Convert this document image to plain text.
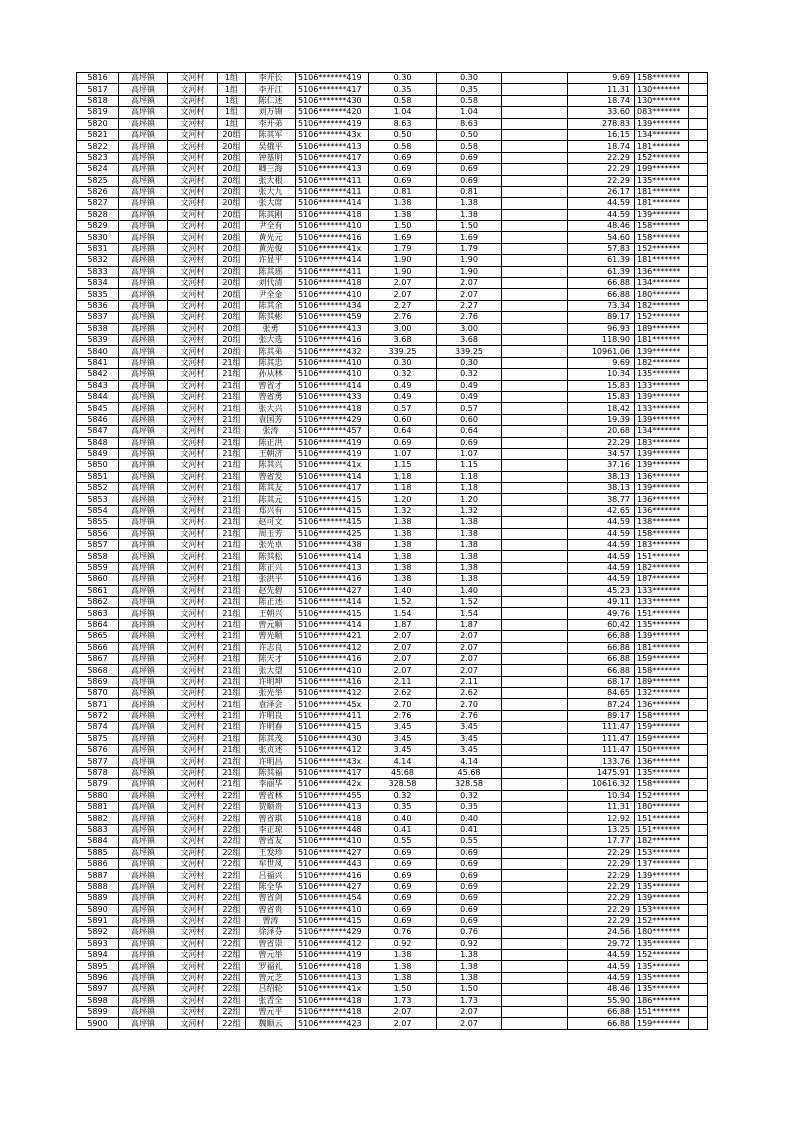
5816	高坪镇	文河村	1组	李开长	5106*******419	0.30	0.30		9.69	158*******	
5817	高坪镇	文河村	1组	李开江	5106*******417	0.35	0.35		11.31	130*******	
5818	高坪镇	文河村	1组	陈仁述	5106*******430	0.58	0.58		18.74	130*******	
5819	高坪镇	文河村	1组	刘万锦	5106*******420	1.04	1.04		33.60	083*******	
5820	高坪镇	文河村	1组	李开弟	5106*******419	8.63	8.63		278.83	139*******	
5821	高坪镇	文河村	20组	陈其军	5106*******43x	0.50	0.50		16.15	134*******	
5822	高坪镇	文河村	20组	吴俄平	5106*******413	0.58	0.58		18.74	181*******	
5823	高坪镇	文河村	20组	钟基明	5106*******417	0.69	0.69		22.29	152*******	
5824	高坪镇	文河村	20组	卿三海	5106*******413	0.69	0.69		22.29	199*******	
5825	高坪镇	文河村	20组	张大根	5106*******411	0.69	0.69		22.29	135*******	
5826	高坪镇	文河村	20组	张大九	5106*******411	0.81	0.81		26.17	181*******	
5827	高坪镇	文河村	20组	张大席	5106*******414	1.38	1.38		44.59	181*******	
5828	高坪镇	文河村	20组	陈其刚	5106*******418	1.38	1.38		44.59	139*******	
5829	高坪镇	文河村	20组	尹全有	5106*******410	1.50	1.50		48.46	158*******	
5830	高坪镇	文河村	20组	黄光元	5106*******416	1.69	1.69		54.60	158*******	
5831	高坪镇	文河村	20组	黄光俊	5106*******41x	1.79	1.79		57.83	152*******	
5832	高坪镇	文河村	20组	许显平	5106*******414	1.90	1.90		61.39	181*******	
5833	高坪镇	文河村	20组	陈其瑶	5106*******411	1.90	1.90		61.39	136*******	
5834	高坪镇	文河村	20组	刘代清	5106*******418	2.07	2.07		66.88	134*******	
5835	高坪镇	文河村	20组	尹全金	5106*******410	2.07	2.07		66.88	180*******	
5836	高坪镇	文河村	20组	陈其余	5106*******434	2.27	2.27		73.34	182*******	
5837	高坪镇	文河村	20组	陈其彬	5106*******459	2.76	2.76		89.17	152*******	
5838	高坪镇	文河村	20组	张勇	5106*******413	3.00	3.00		96.93	189*******	
5839	高坪镇	文河村	20组	张大选	5106*******416	3.68	3.68		118.90	181*******	
5840	高坪镇	文河村	20组	陈其弟	5106*******432	339.25	339.25		10961.06	139*******	
5841	高坪镇	文河村	21组	陈其忠	5106*******410	0.30	0.30		9.69	182*******	
5842	高坪镇	文河村	21组	孙从林	5106*******410	0.32	0.32		10.34	135*******	
5843	高坪镇	文河村	21组	曾省才	5106*******414	0.49	0.49		15.83	133*******	
5844	高坪镇	文河村	21组	曾省勇	5106*******433	0.49	0.49		15.83	139*******	
5845	高坪镇	文河村	21组	张大兴	5106*******418	0.57	0.57		18.42	133*******	
5846	高坪镇	文河村	21组	袁国芳	5106*******429	0.60	0.60		19.39	139*******	
5847	高坪镇	文河村	21组	张涛	5106*******457	0.64	0.64		20.68	134*******	
5848	高坪镇	文河村	21组	陈正洪	5106*******419	0.69	0.69		22.29	183*******	
5849	高坪镇	文河村	21组	王朝济	5106*******419	1.07	1.07		34.57	139*******	
5850	高坪镇	文河村	21组	陈其兴	5106*******41x	1.15	1.15		37.16	139*******	
5851	高坪镇	文河村	21组	曾省发	5106*******414	1.18	1.18		38.13	136*******	
5852	高坪镇	文河村	21组	陈其友	5106*******417	1.18	1.18		38.13	139*******	
5853	高坪镇	文河村	21组	陈其元	5106*******415	1.20	1.20		38.77	136*******	
5854	高坪镇	文河村	21组	郑兴有	5106*******415	1.32	1.32		42.65	136*******	
5855	高坪镇	文河村	21组	赵可文	5106*******415	1.38	1.38		44.59	138*******	
5856	高坪镇	文河村	21组	周玉芳	5106*******425	1.38	1.38		44.59	158*******	
5857	高坪镇	文河村	21组	张光卓	5106*******438	1.38	1.38		44.59	183*******	
5858	高坪镇	文河村	21组	陈其松	5106*******414	1.38	1.38		44.59	151*******	
5859	高坪镇	文河村	21组	陈正兴	5106*******413	1.38	1.38		44.59	182*******	
5860	高坪镇	文河村	21组	张洪平	5106*******416	1.38	1.38		44.59	187*******	
5861	高坪镇	文河村	21组	赵先碧	5106*******427	1.40	1.40		45.23	133*******	
5862	高坪镇	文河村	21组	陈正述	5106*******414	1.52	1.52		49.11	133*******	
5863	高坪镇	文河村	21组	王朝兴	5106*******415	1.54	1.54		49.76	151*******	
5864	高坪镇	文河村	21组	曾元顺	5106*******414	1.87	1.87		60.42	135*******	
5865	高坪镇	文河村	21组	曾光顺	5106*******421	2.07	2.07		66.88	139*******	
5866	高坪镇	文河村	21组	许志良	5106*******412	2.07	2.07		66.88	181*******	
5867	高坪镇	文河村	21组	陈天才	5106*******416	2.07	2.07		66.88	159*******	
5868	高坪镇	文河村	21组	张大望	5106*******410	2.07	2.07		66.88	158*******	
5869	高坪镇	文河村	21组	许明坤	5106*******416	2.11	2.11		68.17	189*******	
5870	高坪镇	文河村	21组	张光举	5106*******412	2.62	2.62		84.65	132*******	
5871	高坪镇	文河村	21组	袁泽会	5106*******45x	2.70	2.70		87.24	136*******	
5872	高坪镇	文河村	21组	许明良	5106*******411	2.76	2.76		89.17	158*******	
5874	高坪镇	文河村	21组	许明春	5106*******415	3.45	3.45		111.47	159*******	
5875	高坪镇	文河村	21组	陈其茂	5106*******430	3.45	3.45		111.47	159*******	
5876	高坪镇	文河村	21组	张贞述	5106*******412	3.45	3.45		111.47	150*******	
5877	高坪镇	文河村	21组	许明昌	5106*******43x	4.14	4.14		133.76	136*******	
5878	高坪镇	文河村	21组	陈其福	5106*******417	45.68	45.68		1475.91	135*******	
5879	高坪镇	文河村	21组	李丽华	5106*******42x	328.58	328.58		10616.32	158*******	
5880	高坪镇	文河村	22组	曾省林	5106*******455	0.32	0.32		10.34	152*******	
5881	高坪镇	文河村	22组	贺顺贵	5106*******413	0.35	0.35		11.31	180*******	
5882	高坪镇	文河村	22组	曾省琪	5106*******418	0.40	0.40		12.92	151*******	
5883	高坪镇	文河村	22组	李正琼	5106*******448	0.41	0.41		13.25	151*******	
5884	高坪镇	文河村	22组	曾省友	5106*******410	0.55	0.55		17.77	182*******	
5885	高坪镇	文河村	22组	王发珍	5106*******427	0.69	0.69		22.29	153*******	
5886	高坪镇	文河村	22组	牟世凤	5106*******443	0.69	0.69		22.29	137*******	
5887	高坪镇	文河村	22组	吕福兴	5106*******416	0.69	0.69		22.29	139*******	
5888	高坪镇	文河村	22组	陈全华	5106*******427	0.69	0.69		22.29	135*******	
5889	高坪镇	文河村	22组	曾省剑	5106*******454	0.69	0.69		22.29	139*******	
5890	高坪镇	文河村	22组	曾省贵	5106*******410	0.69	0.69		22.29	153*******	
5891	高坪镇	文河村	22组	曾涛	5106*******415	0.69	0.69		22.29	152*******	
5892	高坪镇	文河村	22组	徐泽芬	5106*******429	0.76	0.76		24.56	180*******	
5893	高坪镇	文河村	22组	曾省崇	5106*******412	0.92	0.92		29.72	135*******	
5894	高坪镇	文河村	22组	曾元举	5106*******419	1.38	1.38		44.59	152*******	
5895	高坪镇	文河村	22组	罗福礼	5106*******418	1.38	1.38		44.59	135*******	
5896	高坪镇	文河村	22组	曾元芝	5106*******413	1.38	1.38		44.59	135*******	
5897	高坪镇	文河村	22组	吕绍轮	5106*******41x	1.50	1.50		48.46	135*******	
5898	高坪镇	文河村	22组	张青全	5106*******418	1.73	1.73		55.90	186*******	
5899	高坪镇	文河村	22组	曾元平	5106*******418	2.07	2.07		66.88	151*******	
5900	高坪镇	文河村	22组	魏顺云	5106*******423	2.07	2.07		66.88	159*******	
